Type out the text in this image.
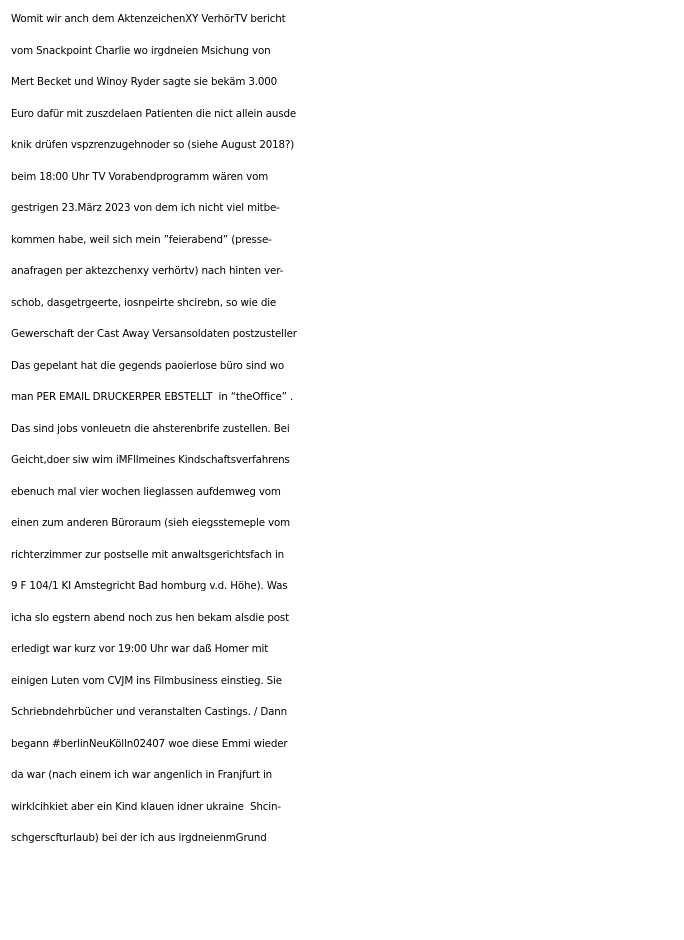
Womit wir anch dem AktenzeichenXY VerhörTV bericht
vom Snackpoint Charlie wo irgdneien Msichung von
Mert Becket und Winoy Ryder sagte sie bekäm 3.000
Euro dafür mit zuszdelaen Patienten die nict allein ausde
knik drüfen vspzrenzugehnoder so (siehe August 2018?)
beim 18:00 Uhr TV Vorabendprogramm wären vom
gestrigen 23.März 2023 von dem ich nicht viel mitbe-
kommen habe, weil sich mein ”feierabend” (presse-
anafragen per aktezchenxy verhörtv) nach hinten ver-
schob, dasgetrgeerte, iosnpeirte shcirebn, so wie die
Gewerschaft der Cast Away Versansoldaten postzusteller
Das gepelant hat die gegends paoierlose büro sind wo
man PER EMAIL DRUCKERPER EBSTELLT  in “theOffice” .
Das sind jobs vonleuetn die ahsterenbrife zustellen. Bei
Geicht,doer siw wim iMFllmeines Kindschaftsverfahrens
ebenuch mal vier wochen lieglassen aufdemweg vom
einen zum anderen Büroraum (sieh eiegsstemeple vom
richterzimmer zur postselle mit anwaltsgerichtsfach in
9 F 104/1 KI Amstegricht Bad homburg v.d. Höhe). Was
icha slo egstern abend noch zus hen bekam alsdie post
erledigt war kurz vor 19:00 Uhr war daß Homer mit
einigen Luten vom CVJM ins Filmbusiness einstieg. Sie
Schriebndehrbücher und veranstalten Castings. / Dann
begann #berlinNeuKölln02407 woe diese Emmi wieder
da war (nach einem ich war angenlich in Franjfurt in
wirklcihkiet aber ein Kind klauen idner ukraine  Shcin-
schgerscfturlaub) bei der ich aus irgdneienmGrund
